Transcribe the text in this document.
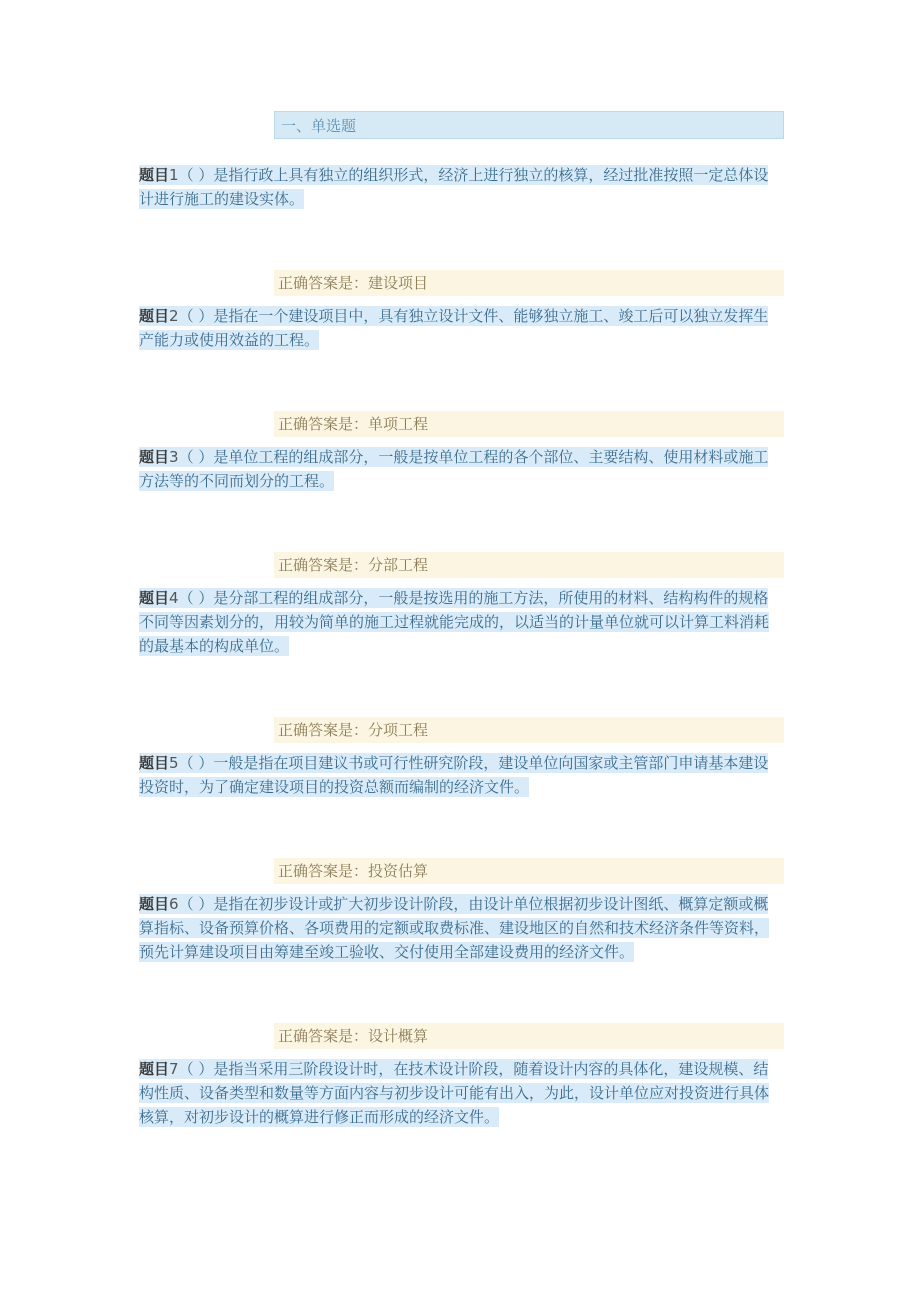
一、单选题
题目1（ ）是指行政上具有独立的组织形式，经济上进行独立的核算，经过批准按照一定总体设计进行施工的建设实体。
正确答案是：建设项目
题目2（ ）是指在一个建设项目中，具有独立设计文件、能够独立施工、竣工后可以独立发挥生产能力或使用效益的工程。
正确答案是：单项工程
题目3（ ）是单位工程的组成部分，一般是按单位工程的各个部位、主要结构、使用材料或施工方法等的不同而划分的工程。
正确答案是：分部工程
题目4（ ）是分部工程的组成部分，一般是按选用的施工方法，所使用的材料、结构构件的规格不同等因素划分的，用较为简单的施工过程就能完成的，以适当的计量单位就可以计算工料消耗的最基本的构成单位。
正确答案是：分项工程
题目5（ ）一般是指在项目建议书或可行性研究阶段，建设单位向国家或主管部门申请基本建设投资时，为了确定建设项目的投资总额而编制的经济文件。
正确答案是：投资估算
题目6（ ）是指在初步设计或扩大初步设计阶段，由设计单位根据初步设计图纸、概算定额或概算指标、设备预算价格、各项费用的定额或取费标准、建设地区的自然和技术经济条件等资料，预先计算建设项目由筹建至竣工验收、交付使用全部建设费用的经济文件。
正确答案是：设计概算
题目7（ ）是指当采用三阶段设计时，在技术设计阶段，随着设计内容的具体化，建设规模、结构性质、设备类型和数量等方面内容与初步设计可能有出入，为此，设计单位应对投资进行具体核算，对初步设计的概算进行修正而形成的经济文件。
